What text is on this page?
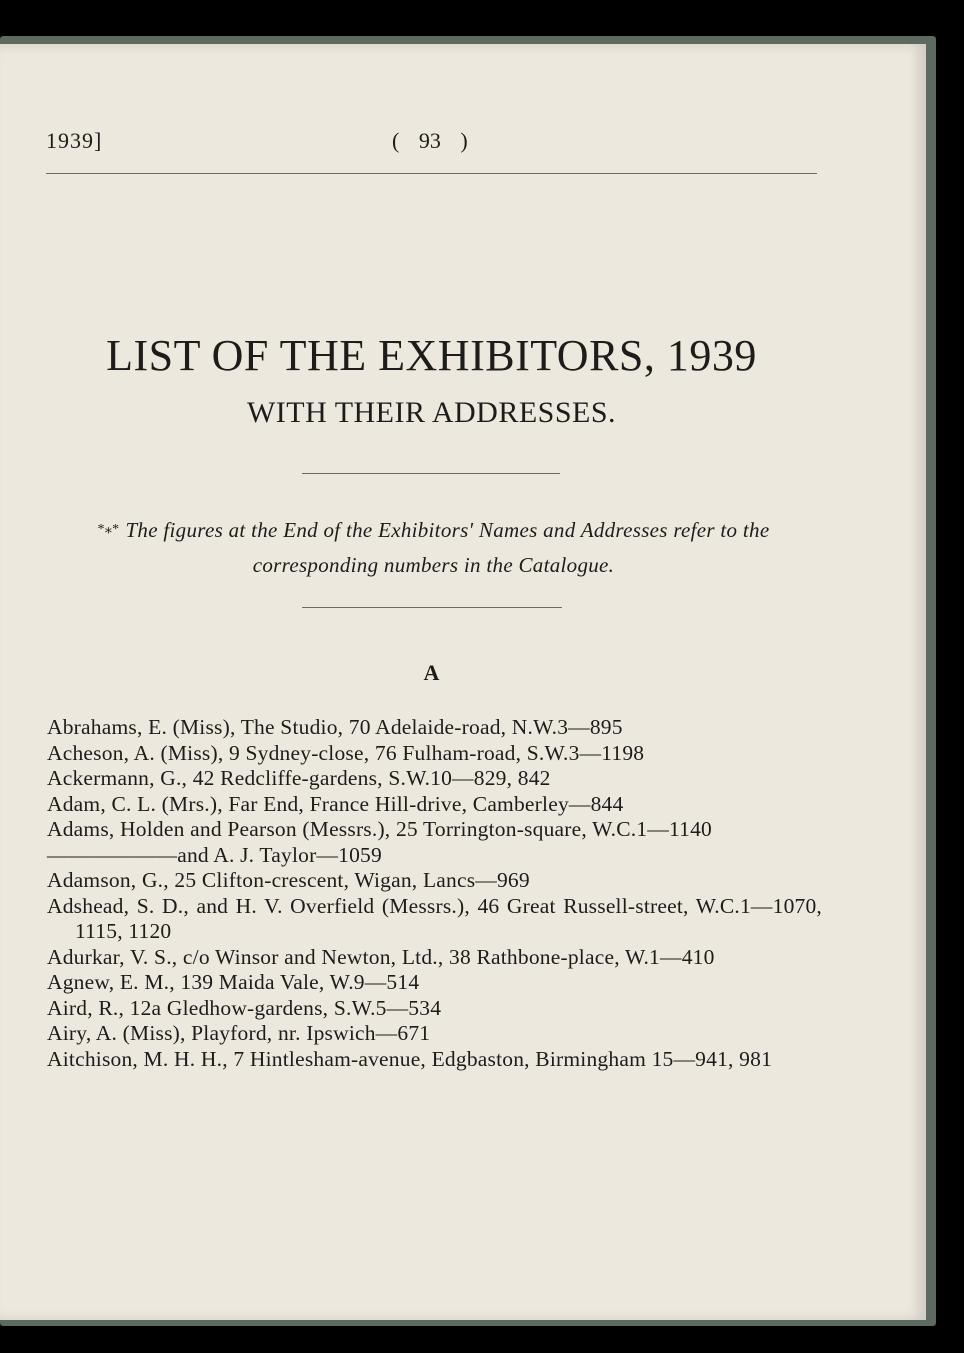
1939]	( 93 )
LIST OF THE EXHIBITORS, 1939
WITH THEIR ADDRESSES.
*⁎* The figures at the End of the Exhibitors' Names and Addresses refer to the corresponding numbers in the Catalogue.
A
Abrahams, E. (Miss), The Studio, 70 Adelaide-road, N.W.3—895
Acheson, A. (Miss), 9 Sydney-close, 76 Fulham-road, S.W.3—1198
Ackermann, G., 42 Redcliffe-gardens, S.W.10—829, 842
Adam, C. L. (Mrs.), Far End, France Hill-drive, Camberley—844
Adams, Holden and Pearson (Messrs.), 25 Torrington-square, W.C.1—1140
——————and A. J. Taylor—1059
Adamson, G., 25 Clifton-crescent, Wigan, Lancs—969
Adshead, S. D., and H. V. Overfield (Messrs.), 46 Great Russell-street, W.C.1—1070, 1115, 1120
Adurkar, V. S., c/o Winsor and Newton, Ltd., 38 Rathbone-place, W.1—410
Agnew, E. M., 139 Maida Vale, W.9—514
Aird, R., 12a Gledhow-gardens, S.W.5—534
Airy, A. (Miss), Playford, nr. Ipswich—671
Aitchison, M. H. H., 7 Hintlesham-avenue, Edgbaston, Birmingham 15—941, 981
